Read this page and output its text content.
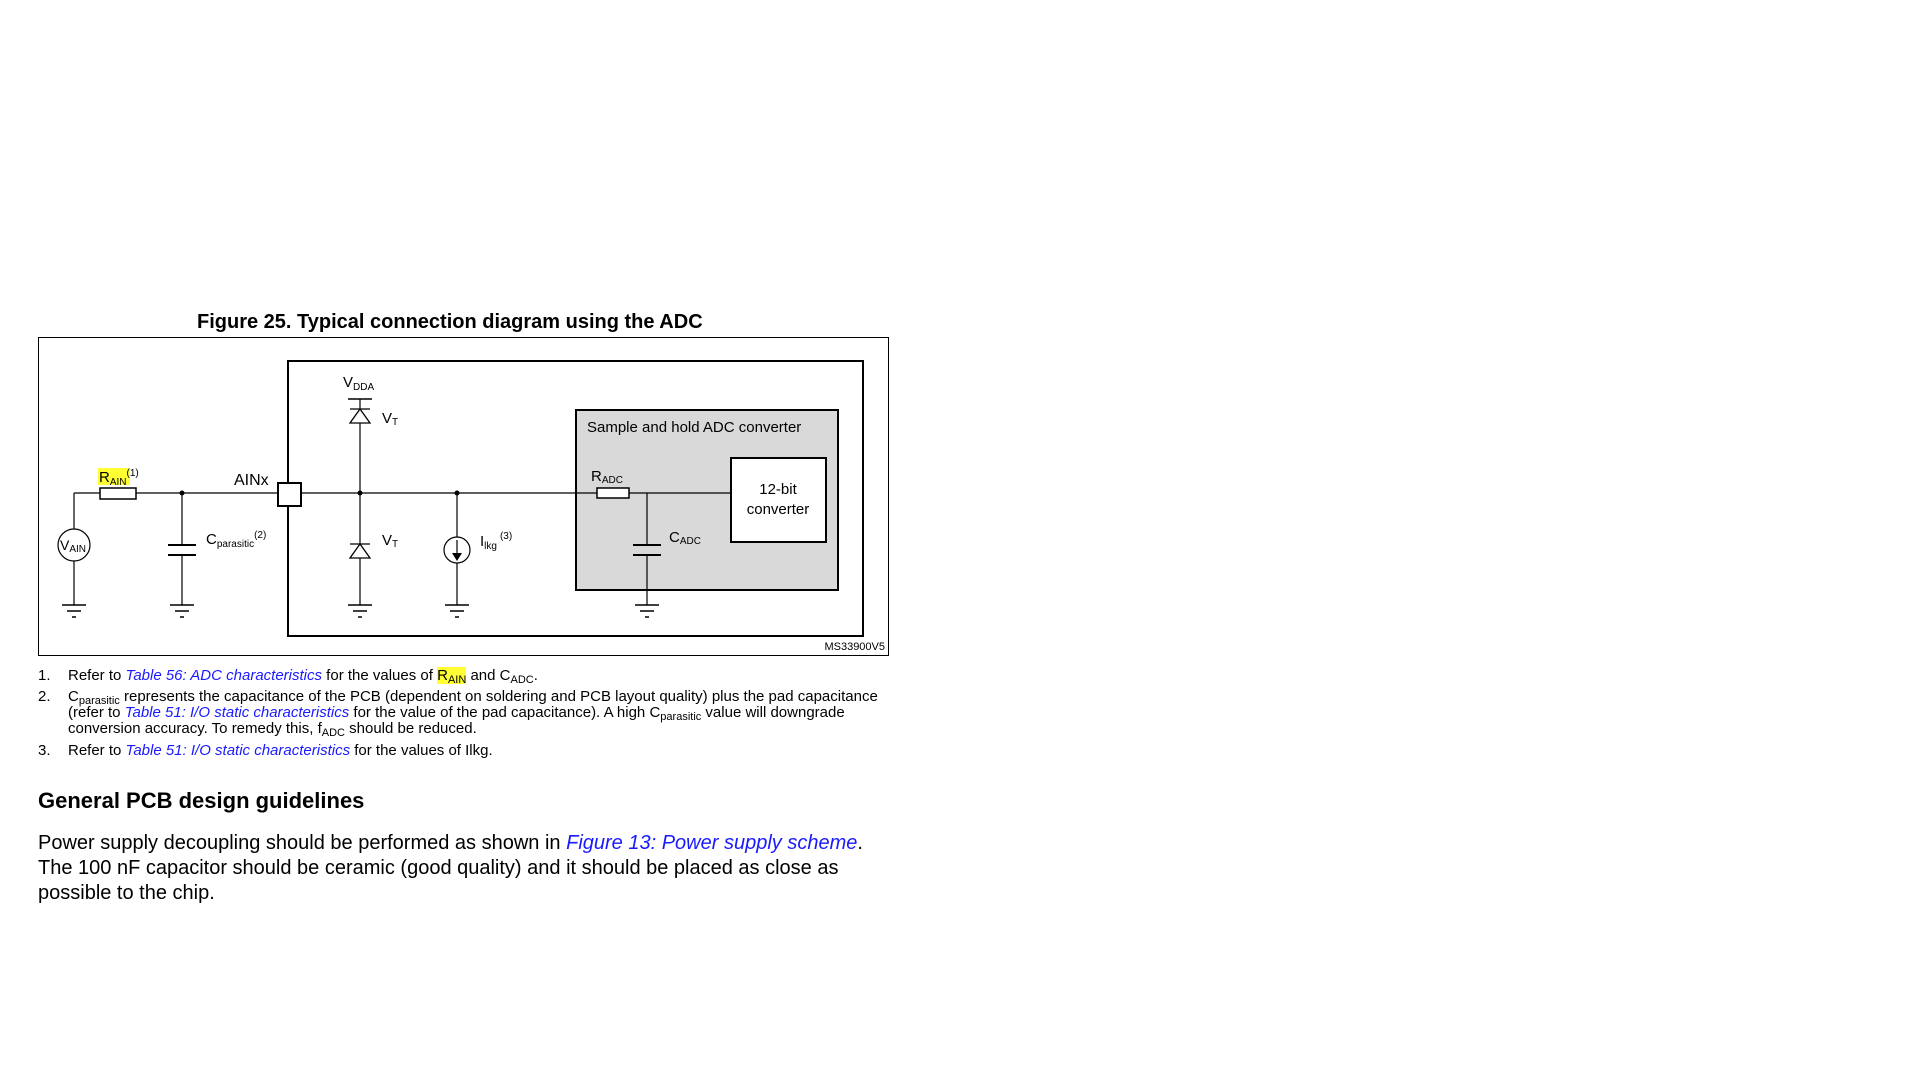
Figure 25. Typical connection diagram using the ADC
$R_{AIN}^{(1)}$	AINx
VAIN
$C_{parasitic}^{(2)}$
$V_{DDA}$
VT
VT	$I_{lkg}^{(3)}$
Sample and hold ADC converter
RADC
CADC
12-bit
converter
MS33900V5
1. Refer to Table 56: ADC characteristics for the values of $R_{AIN}$ and $C_{ADC}$.
2. $C_{parasitic}$ represents the capacitance of the PCB (dependent on soldering and PCB layout quality) plus the pad capacitance (refer to Table 51: I/O static characteristics for the value of the pad capacitance). A high $C_{parasitic}$ value will downgrade conversion accuracy. To remedy this, $f_{ADC}$ should be reduced.
3. Refer to Table 51: I/O static characteristics for the values of Ilkg.
General PCB design guidelines
Power supply decoupling should be performed as shown in Figure 13: Power supply scheme. The 100 nF capacitor should be ceramic (good quality) and it should be placed as close as possible to the chip.
